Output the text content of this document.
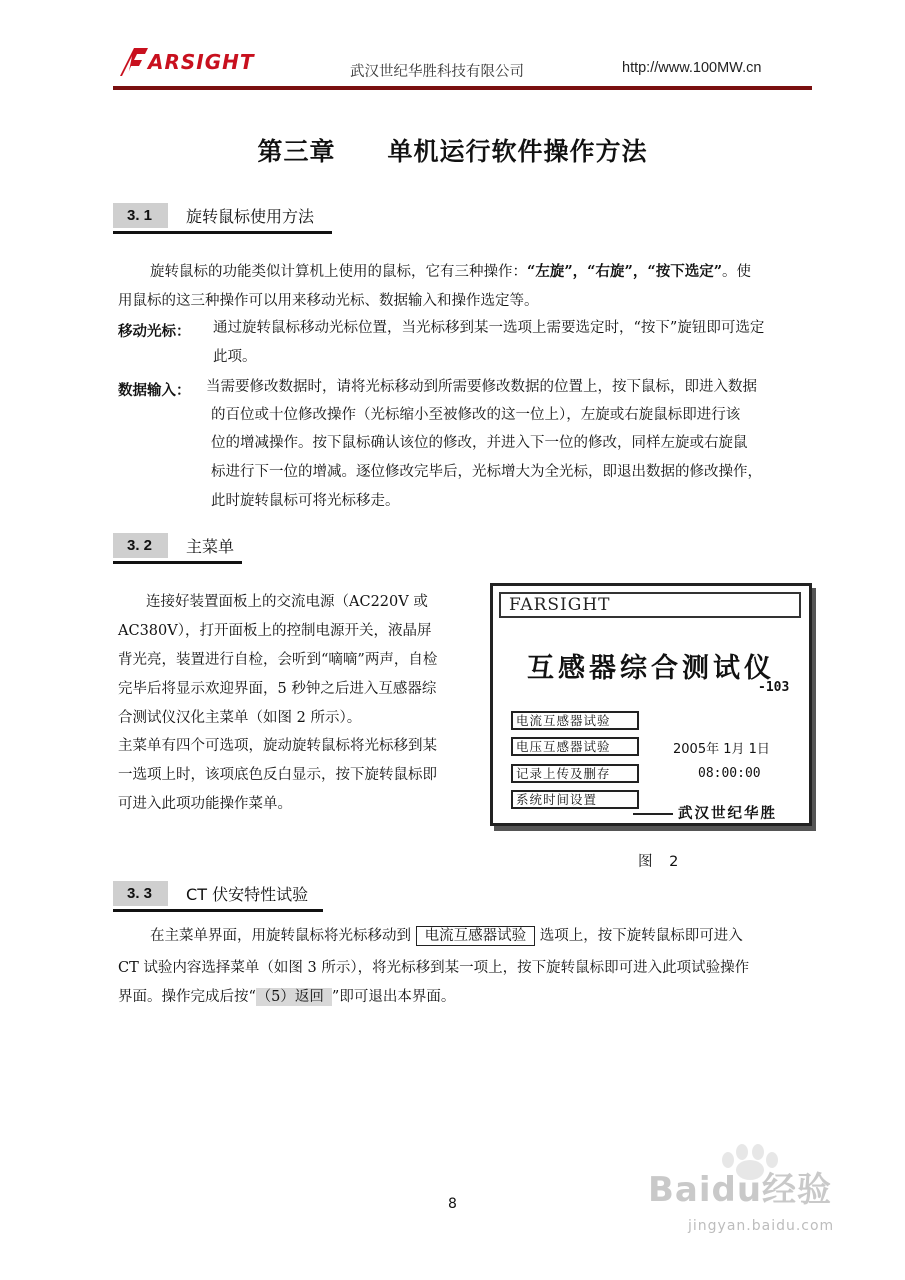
ARSIGHT	武汉世纪华胜科技有限公司	http://www.100MW.cn
第三章 单机运行软件操作方法
3. 1	旋转鼠标使用方法
旋转鼠标的功能类似计算机上使用的鼠标，它有三种操作：“左旋”，“右旋”，“按下选定”。使
用鼠标的这三种操作可以用来移动光标、数据输入和操作选定等。
移动光标： 通过旋转鼠标移动光标位置，当光标移到某一选项上需要选定时，“按下”旋钮即可选定
此项。
数据输入： 当需要修改数据时，请将光标移动到所需要修改数据的位置上，按下鼠标，即进入数据
的百位或十位修改操作（光标缩小至被修改的这一位上），左旋或右旋鼠标即进行该
位的增减操作。按下鼠标确认该位的修改，并进入下一位的修改，同样左旋或右旋鼠
标进行下一位的增减。逐位修改完毕后，光标增大为全光标，即退出数据的修改操作，
此时旋转鼠标可将光标移走。
3. 2	主菜单
连接好装置面板上的交流电源（AC220V 或
AC380V），打开面板上的控制电源开关，液晶屏
背光亮，装置进行自检，会听到“嘀嘀”两声，自检
完毕后将显示欢迎界面，5 秒钟之后进入互感器综
合测试仪汉化主菜单（如图 2 所示）。
主菜单有四个可选项，旋动旋转鼠标将光标移到某
一选项上时，该项底色反白显示，按下旋转鼠标即
可进入此项功能操作菜单。
FARSIGHT
互感器综合测试仪
-103
电流互感器试验
电压互感器试验
记录上传及删存
系统时间设置
2005年 1月 1日
08:00:00
武汉世纪华胜
图 2
3. 3	CT 伏安特性试验
在主菜单界面，用旋转鼠标将光标移动到 电流互感器试验 选项上，按下旋转鼠标即可进入
CT 试验内容选择菜单（如图 3 所示），将光标移到某一项上，按下旋转鼠标即可进入此项试验操作
界面。操作完成后按“ （5）返回 ”即可退出本界面。
8	Baidu经验
jingyan.baidu.com
